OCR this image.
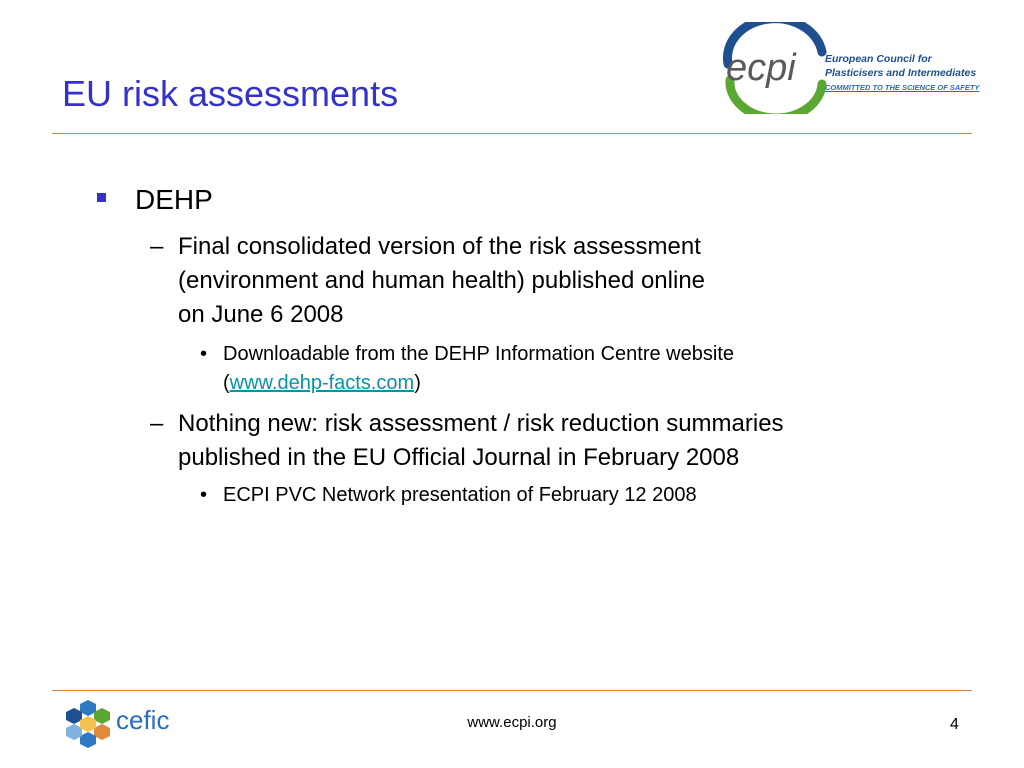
EU risk assessments
ecpi	European Council for
Plasticisers and Intermediates
COMMITTED TO THE SCIENCE OF SAFETY
DEHP
– Final consolidated version of the risk assessment
(environment and human health) published online
on June 6 2008
• Downloadable from the DEHP Information Centre website
(www.dehp-facts.com)
– Nothing new: risk assessment / risk reduction summaries
published in the EU Official Journal in February 2008
• ECPI PVC Network presentation of February 12 2008
cefic	www.ecpi.org	4
